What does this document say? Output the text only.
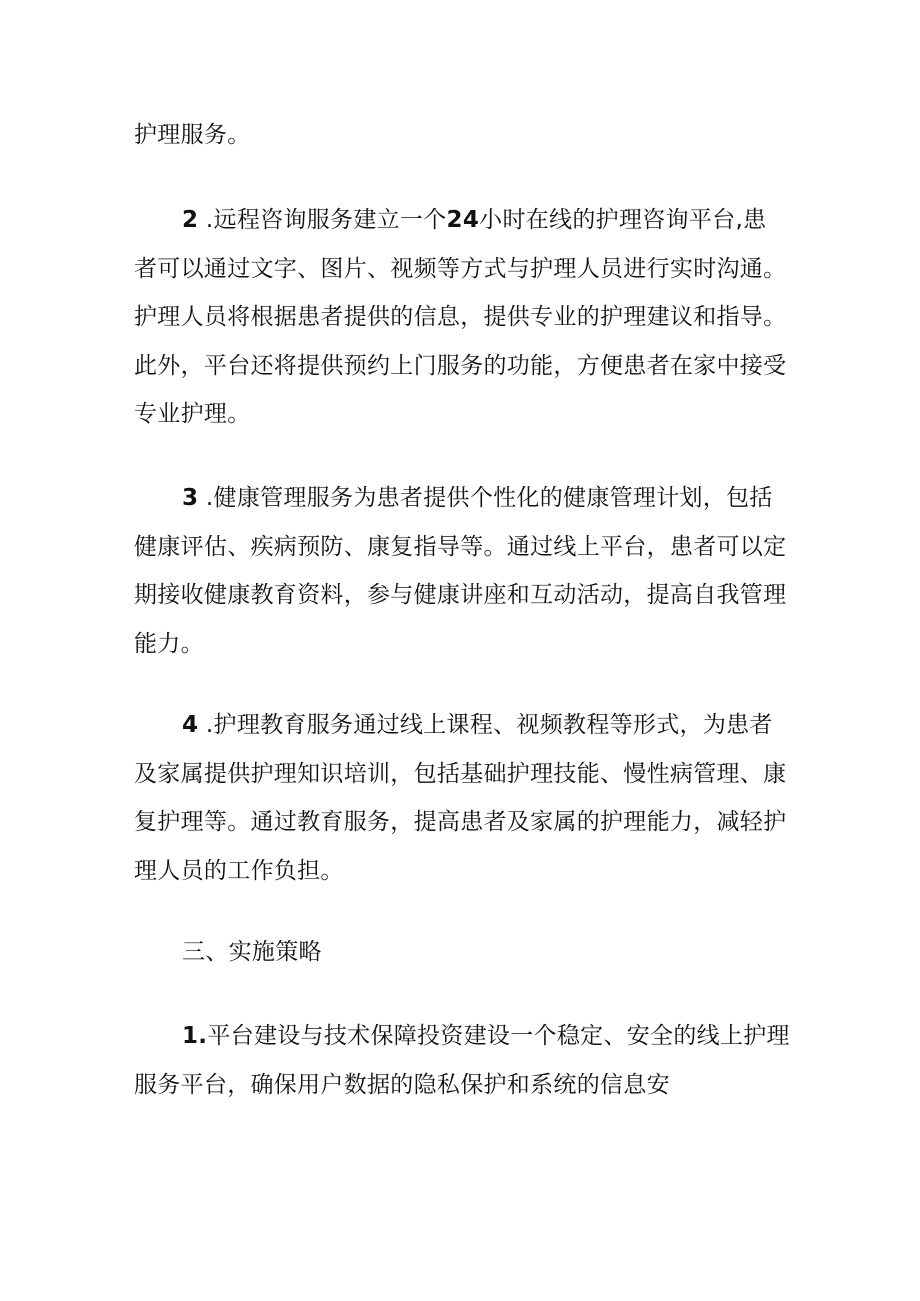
护理服务。
2 .远程咨询服务建立一个24小时在线的护理咨询平台,患
者可以通过文字、图片、视频等方式与护理人员进行实时沟通。
护理人员将根据患者提供的信息，提供专业的护理建议和指导。
此外，平台还将提供预约上门服务的功能，方便患者在家中接受
专业护理。
3 .健康管理服务为患者提供个性化的健康管理计划，包括
健康评估、疾病预防、康复指导等。通过线上平台，患者可以定
期接收健康教育资料，参与健康讲座和互动活动，提高自我管理
能力。
4 .护理教育服务通过线上课程、视频教程等形式，为患者
及家属提供护理知识培训，包括基础护理技能、慢性病管理、康
复护理等。通过教育服务，提高患者及家属的护理能力，减轻护
理人员的工作负担。
三、实施策略
1.平台建设与技术保障投资建设一个稳定、安全的线上护理
服务平台，确保用户数据的隐私保护和系统的信息安
